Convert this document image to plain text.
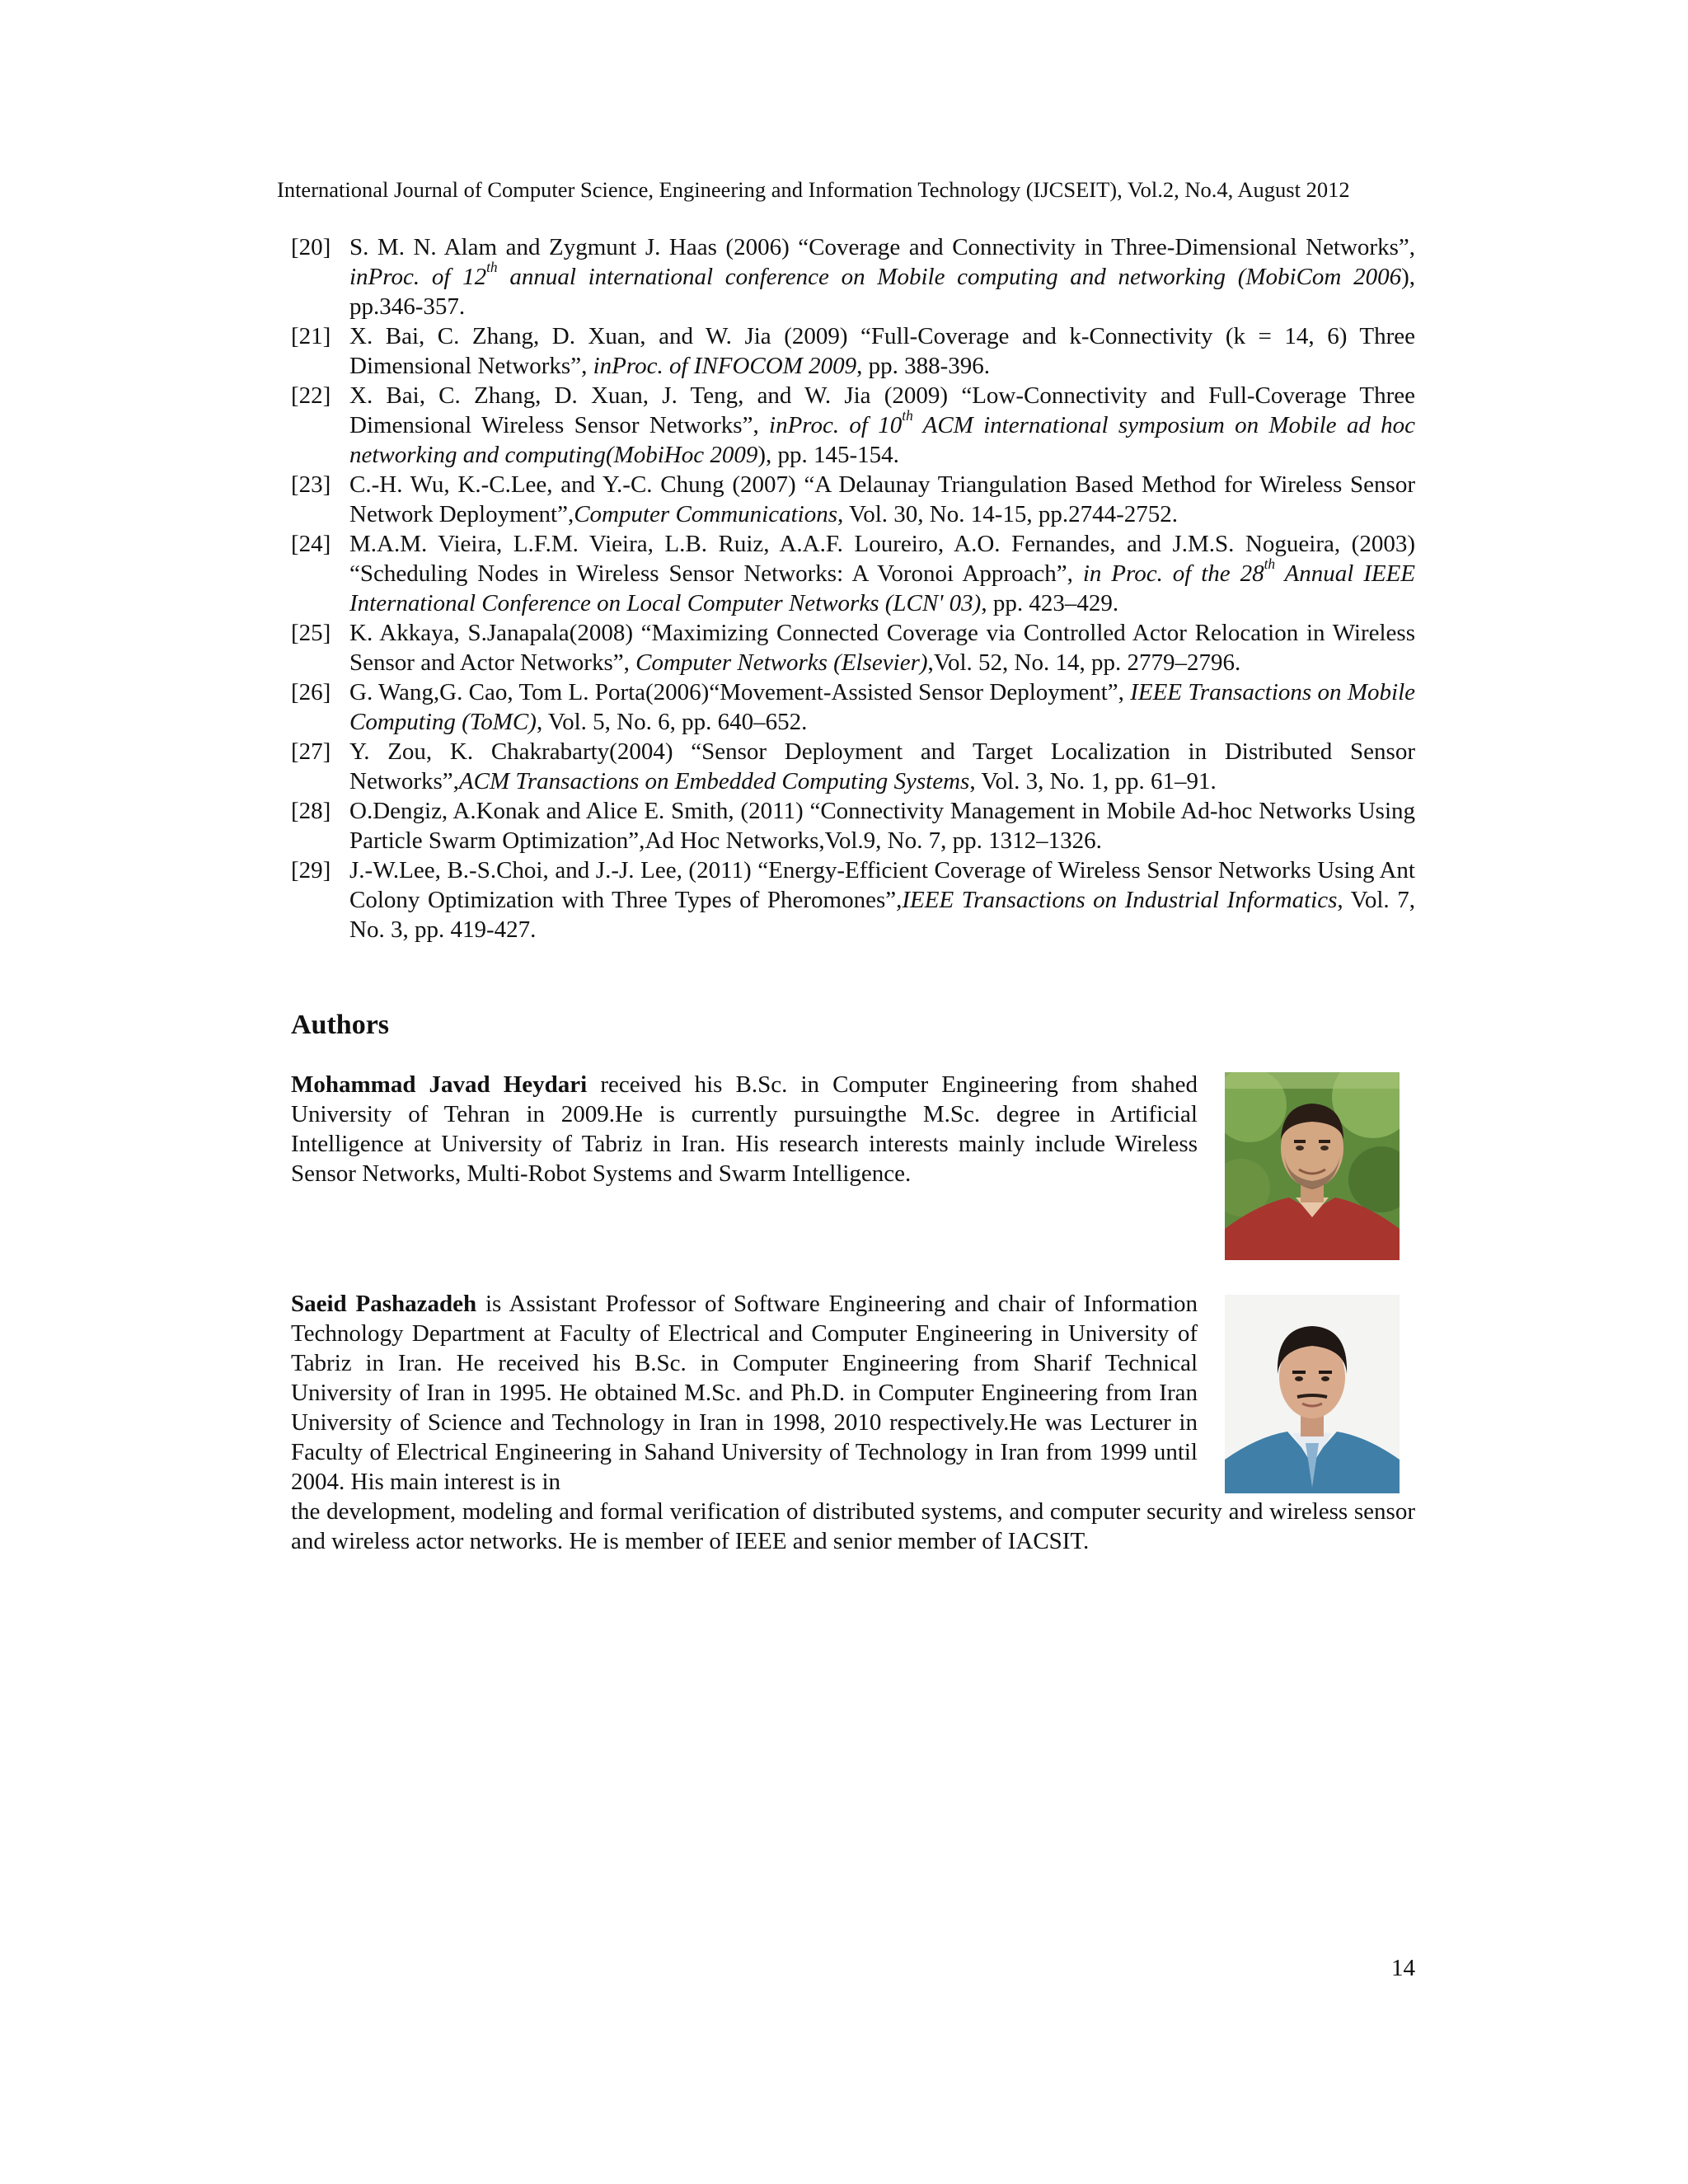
International Journal of Computer Science, Engineering and Information Technology (IJCSEIT), Vol.2, No.4, August 2012
[20] S. M. N. Alam and Zygmunt J. Haas (2006) “Coverage and Connectivity in Three-Dimensional Networks”, inProc. of 12th annual international conference on Mobile computing and networking (MobiCom 2006), pp.346-357.
[21] X. Bai, C. Zhang, D. Xuan, and W. Jia (2009) “Full-Coverage and k-Connectivity (k = 14, 6) Three Dimensional Networks”, inProc. of INFOCOM 2009, pp. 388-396.
[22] X. Bai, C. Zhang, D. Xuan, J. Teng, and W. Jia (2009) “Low-Connectivity and Full-Coverage Three Dimensional Wireless Sensor Networks”, inProc. of 10th ACM international symposium on Mobile ad hoc networking and computing(MobiHoc 2009), pp. 145-154.
[23] C.-H. Wu, K.-C.Lee, and Y.-C. Chung (2007) “A Delaunay Triangulation Based Method for Wireless Sensor Network Deployment”,Computer Communications, Vol. 30, No. 14-15, pp.2744-2752.
[24] M.A.M. Vieira, L.F.M. Vieira, L.B. Ruiz, A.A.F. Loureiro, A.O. Fernandes, and J.M.S. Nogueira, (2003) “Scheduling Nodes in Wireless Sensor Networks: A Voronoi Approach”, in Proc. of the 28th Annual IEEE International Conference on Local Computer Networks (LCN' 03), pp. 423–429.
[25] K. Akkaya, S.Janapala(2008) “Maximizing Connected Coverage via Controlled Actor Relocation in Wireless Sensor and Actor Networks”, Computer Networks (Elsevier),Vol. 52, No. 14, pp. 2779–2796.
[26] G. Wang,G. Cao, Tom L. Porta(2006)“Movement-Assisted Sensor Deployment”, IEEE Transactions on Mobile Computing (ToMC), Vol. 5, No. 6, pp. 640–652.
[27] Y. Zou, K. Chakrabarty(2004) “Sensor Deployment and Target Localization in Distributed Sensor Networks”,ACM Transactions on Embedded Computing Systems, Vol. 3, No. 1, pp. 61–91.
[28] O.Dengiz, A.Konak and Alice E. Smith, (2011) “Connectivity Management in Mobile Ad-hoc Networks Using Particle Swarm Optimization”,Ad Hoc Networks,Vol.9, No. 7, pp. 1312–1326.
[29] J.-W.Lee, B.-S.Choi, and J.-J. Lee, (2011) “Energy-Efficient Coverage of Wireless Sensor Networks Using Ant Colony Optimization with Three Types of Pheromones”,IEEE Transactions on Industrial Informatics, Vol. 7, No. 3, pp. 419-427.
Authors
Mohammad Javad Heydari received his B.Sc. in Computer Engineering from shahed University of Tehran in 2009.He is currently pursuingthe M.Sc. degree in Artificial Intelligence at University of Tabriz in Iran. His research interests mainly include Wireless Sensor Networks, Multi-Robot Systems and Swarm Intelligence.
Saeid Pashazadeh is Assistant Professor of Software Engineering and chair of Information Technology Department at Faculty of Electrical and Computer Engineering in University of Tabriz in Iran. He received his B.Sc. in Computer Engineering from Sharif Technical University of Iran in 1995. He obtained M.Sc. and Ph.D. in Computer Engineering from Iran University of Science and Technology in Iran in 1998, 2010 respectively.He was Lecturer in Faculty of Electrical Engineering in Sahand University of Technology in Iran from 1999 until 2004. His main interest is in
the development, modeling and formal verification of distributed systems, and computer security and wireless sensor and wireless actor networks. He is member of IEEE and senior member of IACSIT.
14
